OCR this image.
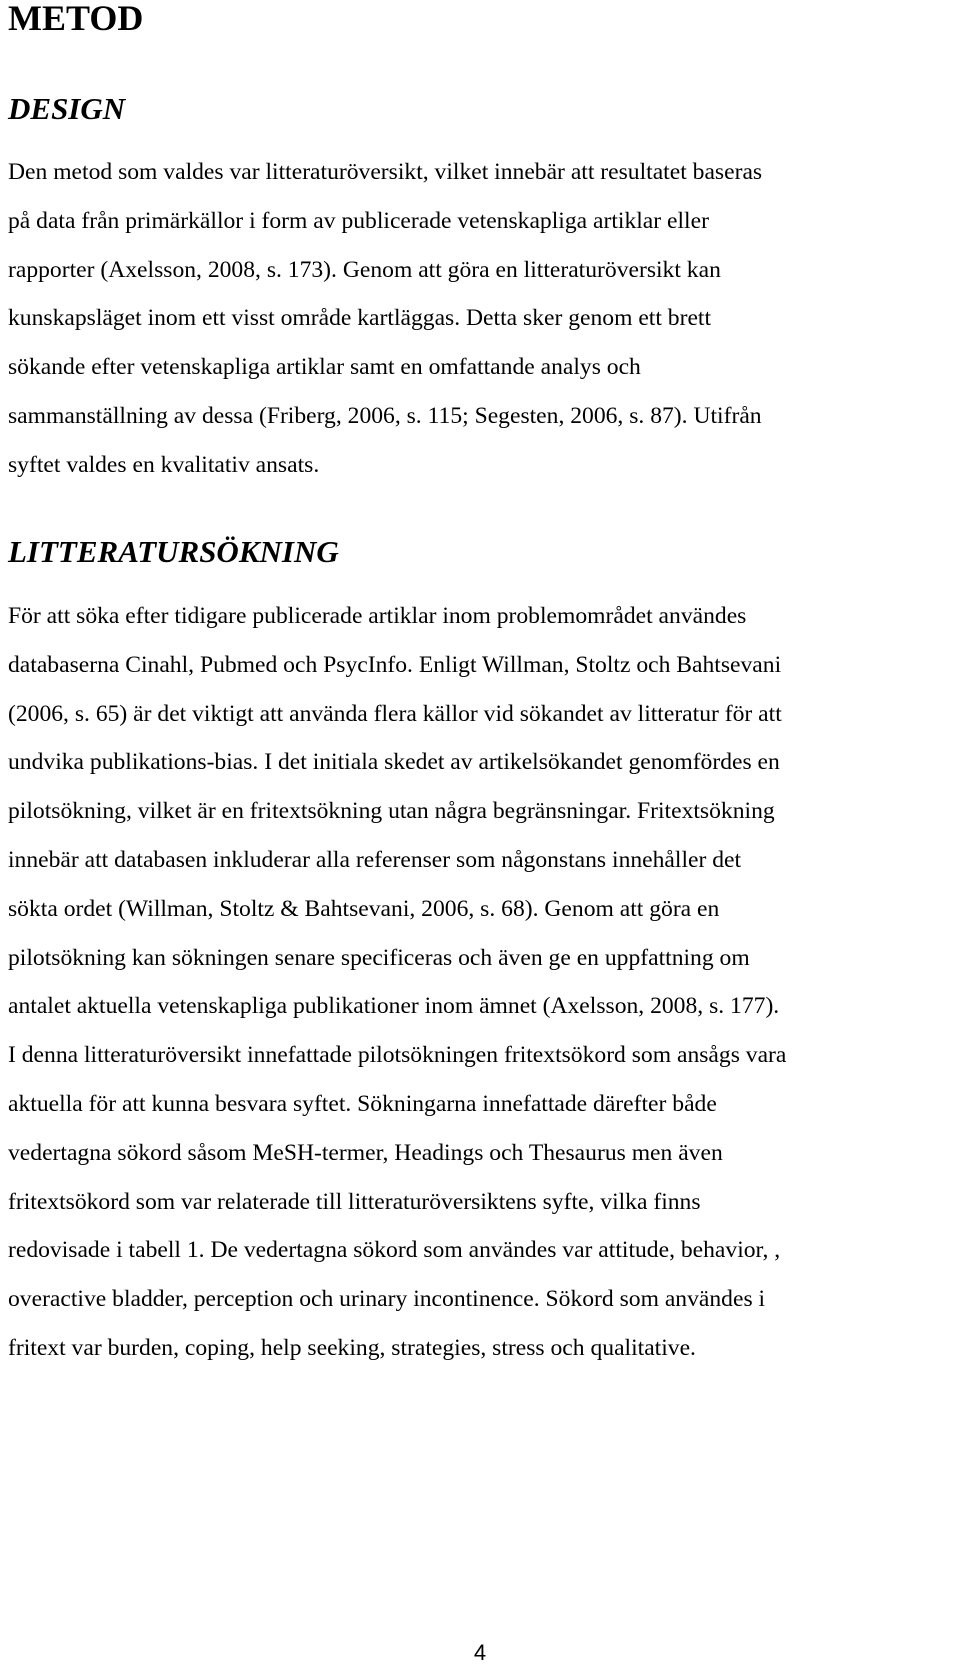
METOD
DESIGN

Den metod som valdes var litteraturöversikt, vilket innebär att resultatet baseras
på data från primärkällor i form av publicerade vetenskapliga artiklar eller
rapporter (Axelsson, 2008, s. 173). Genom att göra en litteraturöversikt kan
kunskapsläget inom ett visst område kartläggas. Detta sker genom ett brett
sökande efter vetenskapliga artiklar samt en omfattande analys och
sammanställning av dessa (Friberg, 2006, s. 115; Segesten, 2006, s. 87). Utifrån
syftet valdes en kvalitativ ansats.

LITTERATURSÖKNING

För att söka efter tidigare publicerade artiklar inom problemområdet användes
databaserna Cinahl, Pubmed och PsycInfo. Enligt Willman, Stoltz och Bahtsevani
(2006, s. 65) är det viktigt att använda flera källor vid sökandet av litteratur för att
undvika publikations-bias. I det initiala skedet av artikelsökandet genomfördes en
pilotsökning, vilket är en fritextsökning utan några begränsningar. Fritextsökning
innebär att databasen inkluderar alla referenser som någonstans innehåller det
sökta ordet (Willman, Stoltz & Bahtsevani, 2006, s. 68). Genom att göra en
pilotsökning kan sökningen senare specificeras och även ge en uppfattning om
antalet aktuella vetenskapliga publikationer inom ämnet (Axelsson, 2008, s. 177).
I denna litteraturöversikt innefattade pilotsökningen fritextsökord som ansågs vara
aktuella för att kunna besvara syftet. Sökningarna innefattade därefter både
vedertagna sökord såsom MeSH-termer, Headings och Thesaurus men även
fritextsökord som var relaterade till litteraturöversiktens syfte, vilka finns
redovisade i tabell 1. De vedertagna sökord som användes var attitude, behavior, ,
overactive bladder, perception och urinary incontinence. Sökord som användes i
fritext var burden, coping, help seeking, strategies, stress och qualitative.

4
